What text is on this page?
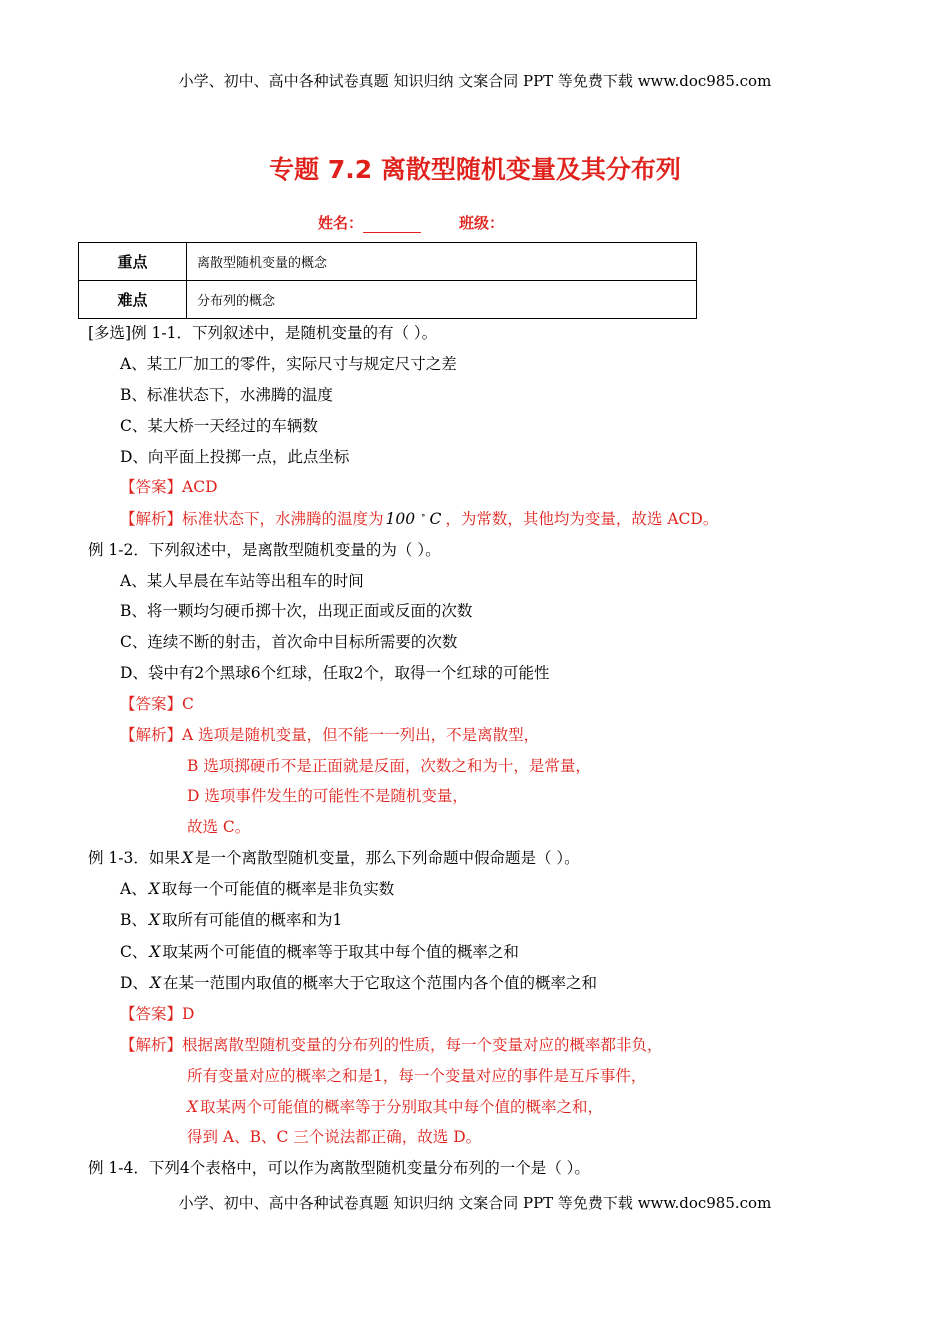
小学、初中、高中各种试卷真题 知识归纳 文案合同 PPT 等免费下载 www.doc985.com
小学、初中、高中各种试卷真题 知识归纳 文案合同 PPT 等免费下载 www.doc985.com
专题 7.2 离散型随机变量及其分布列
姓名：	班级：
重点	离散型随机变量的概念
难点	分布列的概念
[多选]例 1-1．下列叙述中，是随机变量的有（ ）。
A、某工厂加工的零件，实际尺寸与规定尺寸之差
B、标准状态下，水沸腾的温度
C、某大桥一天经过的车辆数
D、向平面上投掷一点，此点坐标
【答案】ACD
【解析】标准状态下，水沸腾的温度为 100 ∘ C ，为常数，其他均为变量，故选 ACD。
例 1-2．下列叙述中，是离散型随机变量的为（ ）。
A、某人早晨在车站等出租车的时间
B、将一颗均匀硬币掷十次，出现正面或反面的次数
C、连续不断的射击，首次命中目标所需要的次数
D、袋中有2个黑球6个红球，任取2个，取得一个红球的可能性
【答案】C
【解析】A 选项是随机变量，但不能一一列出，不是离散型，
B 选项掷硬币不是正面就是反面，次数之和为十，是常量，
D 选项事件发生的可能性不是随机变量，
故选 C。
例 1-3．如果 X 是一个离散型随机变量，那么下列命题中假命题是（ ）。
A、 X 取每一个可能值的概率是非负实数
B、 X 取所有可能值的概率和为1
C、 X 取某两个可能值的概率等于取其中每个值的概率之和
D、 X 在某一范围内取值的概率大于它取这个范围内各个值的概率之和
【答案】D
【解析】根据离散型随机变量的分布列的性质，每一个变量对应的概率都非负，
所有变量对应的概率之和是1，每一个变量对应的事件是互斥事件，
X 取某两个可能值的概率等于分别取其中每个值的概率之和，
得到 A、B、C 三个说法都正确，故选 D。
例 1-4．下列4个表格中，可以作为离散型随机变量分布列的一个是（ ）。
